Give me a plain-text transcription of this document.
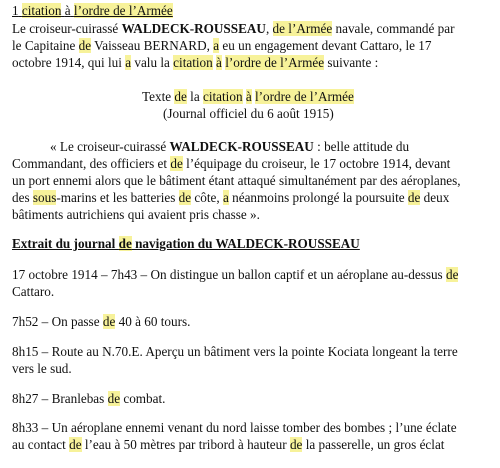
1 citation à l’ordre de l’Armée
Le croiseur-cuirassé WALDECK-ROUSSEAU, de l’Armée navale, commandé par
le Capitaine de Vaisseau BERNARD, a eu un engagement devant Cattaro, le 17
octobre 1914, qui lui a valu la citation à l’ordre de l’Armée suivante :
Texte de la citation à l’ordre de l’Armée
(Journal officiel du 6 août 1915)
« Le croiseur-cuirassé WALDECK-ROUSSEAU : belle attitude du
Commandant, des officiers et de l’équipage du croiseur, le 17 octobre 1914, devant
un port ennemi alors que le bâtiment étant attaqué simultanément par des aéroplanes,
des sous-marins et les batteries de côte, a néanmoins prolongé la poursuite de deux
bâtiments autrichiens qui avaient pris chasse ».
Extrait du journal de navigation du WALDECK-ROUSSEAU
17 octobre 1914 – 7h43 – On distingue un ballon captif et un aéroplane au-dessus de
Cattaro.
7h52 – On passe de 40 à 60 tours.
8h15 – Route au N.70.E. Aperçu un bâtiment vers la pointe Kociata longeant la terre
vers le sud.
8h27 – Branlebas de combat.
8h33 – Un aéroplane ennemi venant du nord laisse tomber des bombes ; l’une éclate
au contact de l’eau à 50 mètres par tribord à hauteur de la passerelle, un gros éclat
